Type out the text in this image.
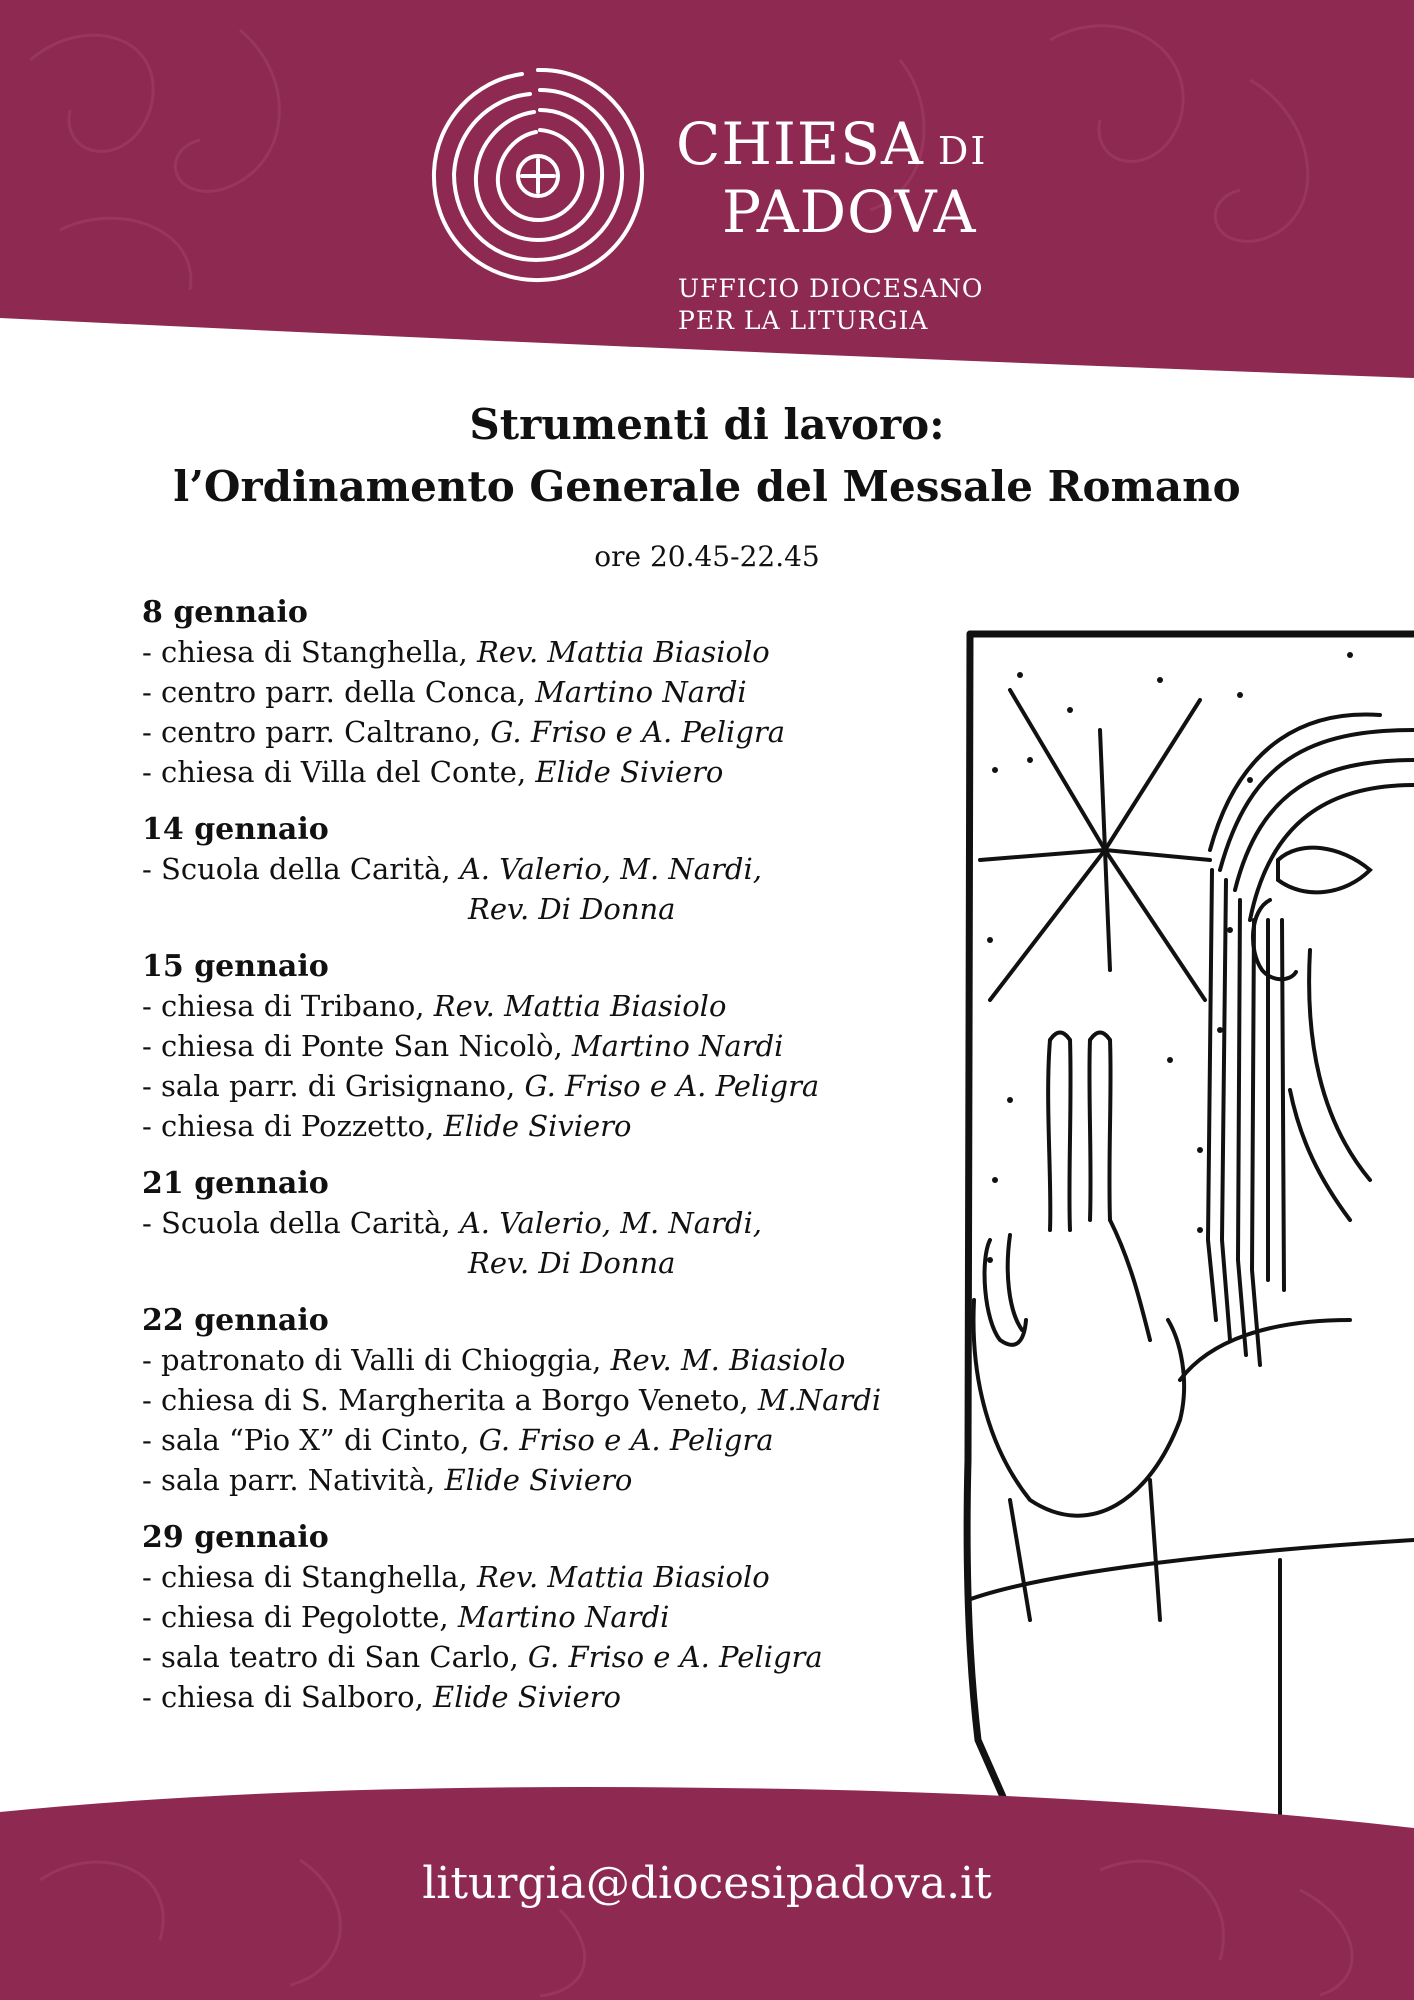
CHIESA DI
PADOVA
UFFICIO DIOCESANO
PER LA LITURGIA
Strumenti di lavoro:
l’Ordinamento Generale del Messale Romano
ore 20.45-22.45
8 gennaio
- chiesa di Stanghella, Rev. Mattia Biasiolo
- centro parr. della Conca, Martino Nardi
- centro parr. Caltrano, G. Friso e A. Peligra
- chiesa di Villa del Conte, Elide Siviero
14 gennaio
- Scuola della Carità, A. Valerio, M. Nardi,
Rev. Di Donna
15 gennaio
- chiesa di Tribano, Rev. Mattia Biasiolo
- chiesa di Ponte San Nicolò, Martino Nardi
- sala parr. di Grisignano, G. Friso e A. Peligra
- chiesa di Pozzetto, Elide Siviero
21 gennaio
- Scuola della Carità, A. Valerio, M. Nardi,
Rev. Di Donna
22 gennaio
- patronato di Valli di Chioggia, Rev. M. Biasiolo
- chiesa di S. Margherita a Borgo Veneto, M.Nardi
- sala “Pio X” di Cinto, G. Friso e A. Peligra
- sala parr. Natività, Elide Siviero
29 gennaio
- chiesa di Stanghella, Rev. Mattia Biasiolo
- chiesa di Pegolotte, Martino Nardi
- sala teatro di San Carlo, G. Friso e A. Peligra
- chiesa di Salboro, Elide Siviero
liturgia@diocesipadova.it
